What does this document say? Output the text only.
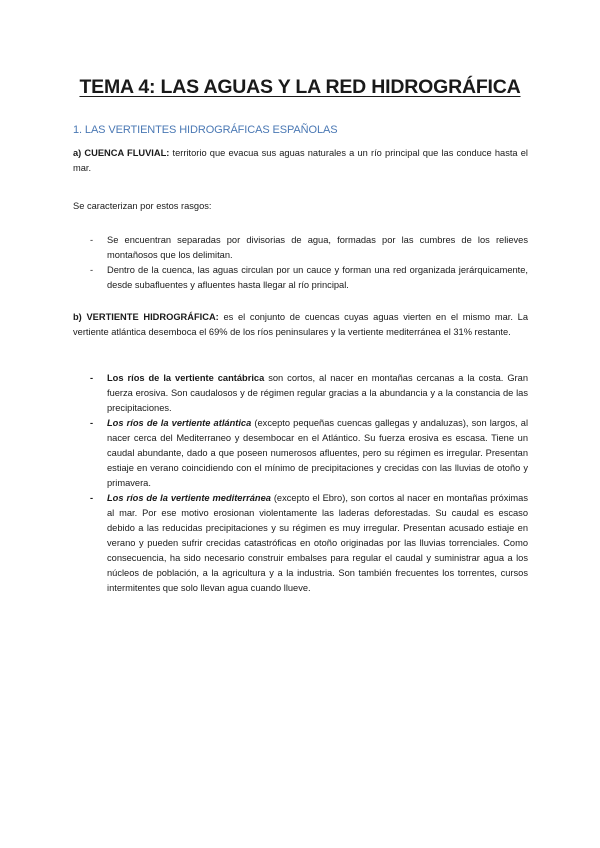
TEMA 4: LAS AGUAS Y LA RED HIDROGRÁFICA
1. LAS VERTIENTES HIDROGRÁFICAS ESPAÑOLAS

a) CUENCA FLUVIAL: territorio que evacua sus aguas naturales a un río principal que las conduce hasta el mar.

Se caracterizan por estos rasgos:

- Se encuentran separadas por divisorias de agua, formadas por las cumbres de los relieves montañosos que los delimitan.
- Dentro de la cuenca, las aguas circulan por un cauce y forman una red organizada jerárquicamente, desde subafluentes y afluentes hasta llegar al río principal.

b) VERTIENTE HIDROGRÁFICA: es el conjunto de cuencas cuyas aguas vierten en el mismo mar. La vertiente atlántica desemboca el 69% de los ríos peninsulares y la vertiente mediterránea el 31% restante.

- Los ríos de la vertiente cantábrica son cortos, al nacer en montañas cercanas a la costa. Gran fuerza erosiva. Son caudalosos y de régimen regular gracias a la abundancia y a la constancia de las precipitaciones.
- Los ríos de la vertiente atlántica (excepto pequeñas cuencas gallegas y andaluzas), son largos, al nacer cerca del Mediterraneo y desembocar en el Atlántico. Su fuerza erosiva es escasa. Tiene un caudal abundante, dado a que poseen numerosos afluentes, pero su régimen es irregular. Presentan estiaje en verano coincidiendo con el mínimo de precipitaciones y crecidas con las lluvias de otoño y primavera.
- Los ríos de la vertiente mediterránea (excepto el Ebro), son cortos al nacer en montañas próximas al mar. Por ese motivo erosionan violentamente las laderas deforestadas. Su caudal es escaso debido a las reducidas precipitaciones y su régimen es muy irregular. Presentan acusado estiaje en verano y pueden sufrir crecidas catastróficas en otoño originadas por las lluvias torrenciales. Como consecuencia, ha sido necesario construir embalses para regular el caudal y suministrar agua a los núcleos de población, a la agricultura y a la industria. Son también frecuentes los torrentes, cursos intermitentes que solo llevan agua cuando llueve.
